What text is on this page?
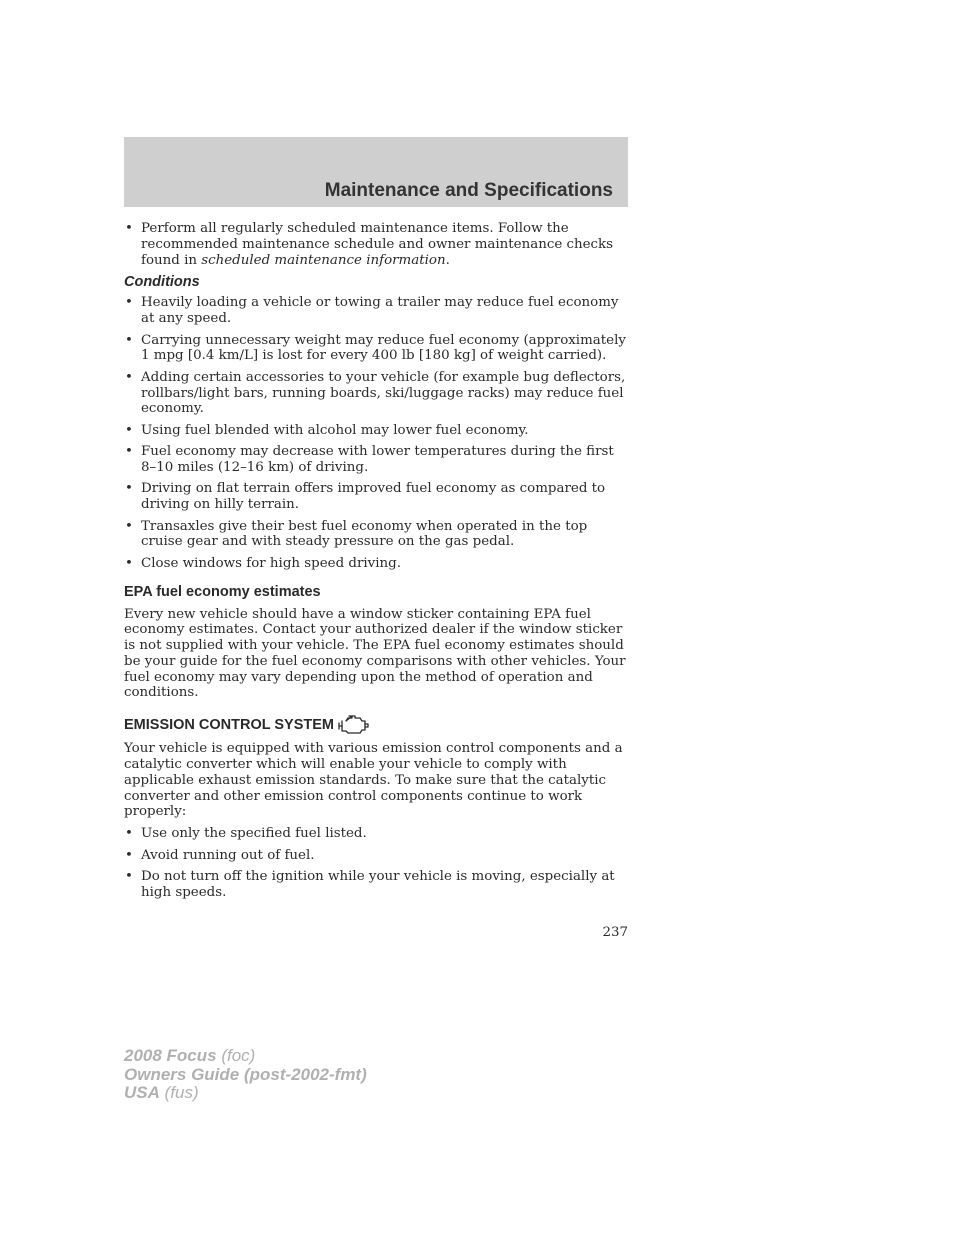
Maintenance and Specifications
• Perform all regularly scheduled maintenance items. Follow the recommended maintenance schedule and owner maintenance checks found in scheduled maintenance information.
Conditions
• Heavily loading a vehicle or towing a trailer may reduce fuel economy at any speed.
• Carrying unnecessary weight may reduce fuel economy (approximately 1 mpg [0.4 km/L] is lost for every 400 lb [180 kg] of weight carried).
• Adding certain accessories to your vehicle (for example bug deflectors, rollbars/light bars, running boards, ski/luggage racks) may reduce fuel economy.
• Using fuel blended with alcohol may lower fuel economy.
• Fuel economy may decrease with lower temperatures during the first 8–10 miles (12–16 km) of driving.
• Driving on flat terrain offers improved fuel economy as compared to driving on hilly terrain.
• Transaxles give their best fuel economy when operated in the top cruise gear and with steady pressure on the gas pedal.
• Close windows for high speed driving.
EPA fuel economy estimates

Every new vehicle should have a window sticker containing EPA fuel economy estimates. Contact your authorized dealer if the window sticker is not supplied with your vehicle. The EPA fuel economy estimates should be your guide for the fuel economy comparisons with other vehicles. Your fuel economy may vary depending upon the method of operation and conditions.

EMISSION CONTROL SYSTEM

Your vehicle is equipped with various emission control components and a catalytic converter which will enable your vehicle to comply with applicable exhaust emission standards. To make sure that the catalytic converter and other emission control components continue to work properly:

• Use only the specified fuel listed.
• Avoid running out of fuel.
• Do not turn off the ignition while your vehicle is moving, especially at high speeds.
237
2008 Focus (foc)
Owners Guide (post-2002-fmt)
USA (fus)
